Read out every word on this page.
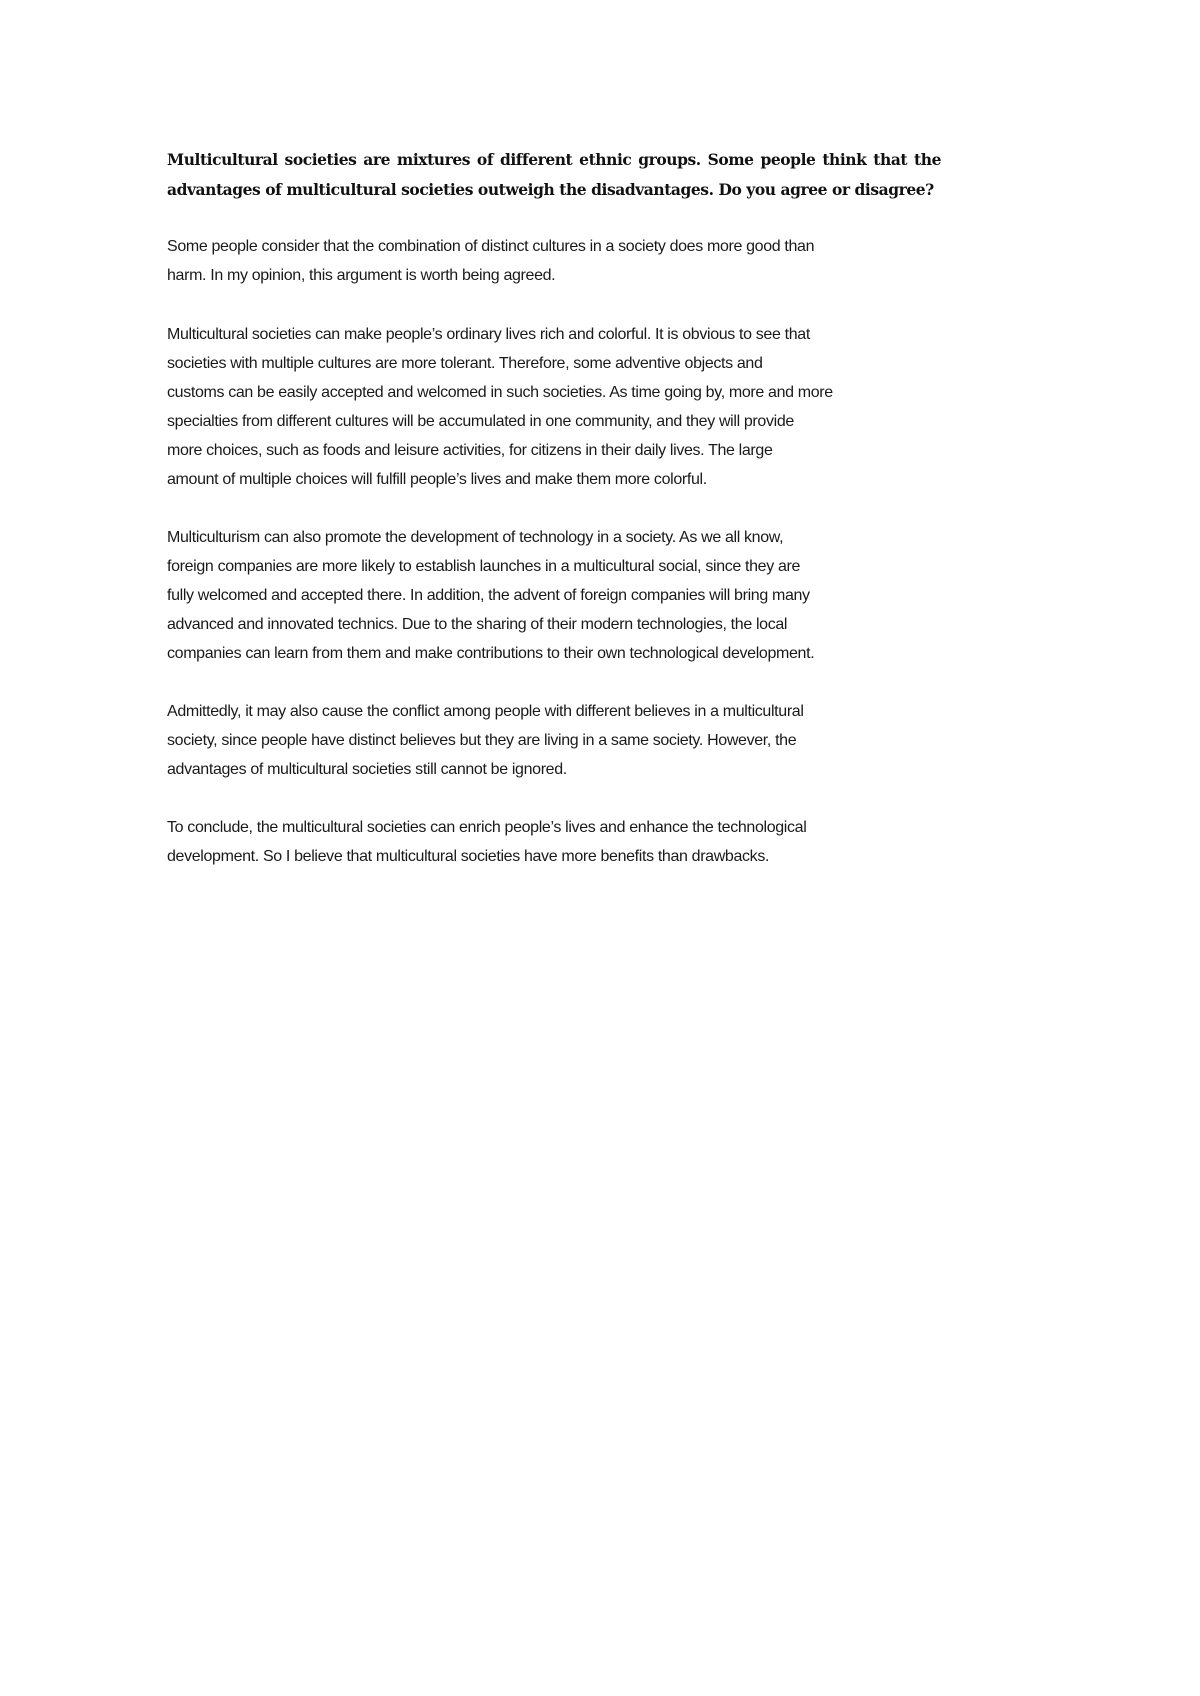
Multicultural societies are mixtures of different ethnic groups. Some people think that the
advantages of multicultural societies outweigh the disadvantages. Do you agree or disagree?
Some people consider that the combination of distinct cultures in a society does more good than
harm. In my opinion, this argument is worth being agreed.
Multicultural societies can make people’s ordinary lives rich and colorful. It is obvious to see that
societies with multiple cultures are more tolerant. Therefore, some adventive objects and
customs can be easily accepted and welcomed in such societies. As time going by, more and more
specialties from different cultures will be accumulated in one community, and they will provide
more choices, such as foods and leisure activities, for citizens in their daily lives. The large
amount of multiple choices will fulfill people’s lives and make them more colorful.
Multiculturism can also promote the development of technology in a society. As we all know,
foreign companies are more likely to establish launches in a multicultural social, since they are
fully welcomed and accepted there. In addition, the advent of foreign companies will bring many
advanced and innovated technics. Due to the sharing of their modern technologies, the local
companies can learn from them and make contributions to their own technological development.
Admittedly, it may also cause the conflict among people with different believes in a multicultural
society, since people have distinct believes but they are living in a same society. However, the
advantages of multicultural societies still cannot be ignored.
To conclude, the multicultural societies can enrich people’s lives and enhance the technological
development. So I believe that multicultural societies have more benefits than drawbacks.
